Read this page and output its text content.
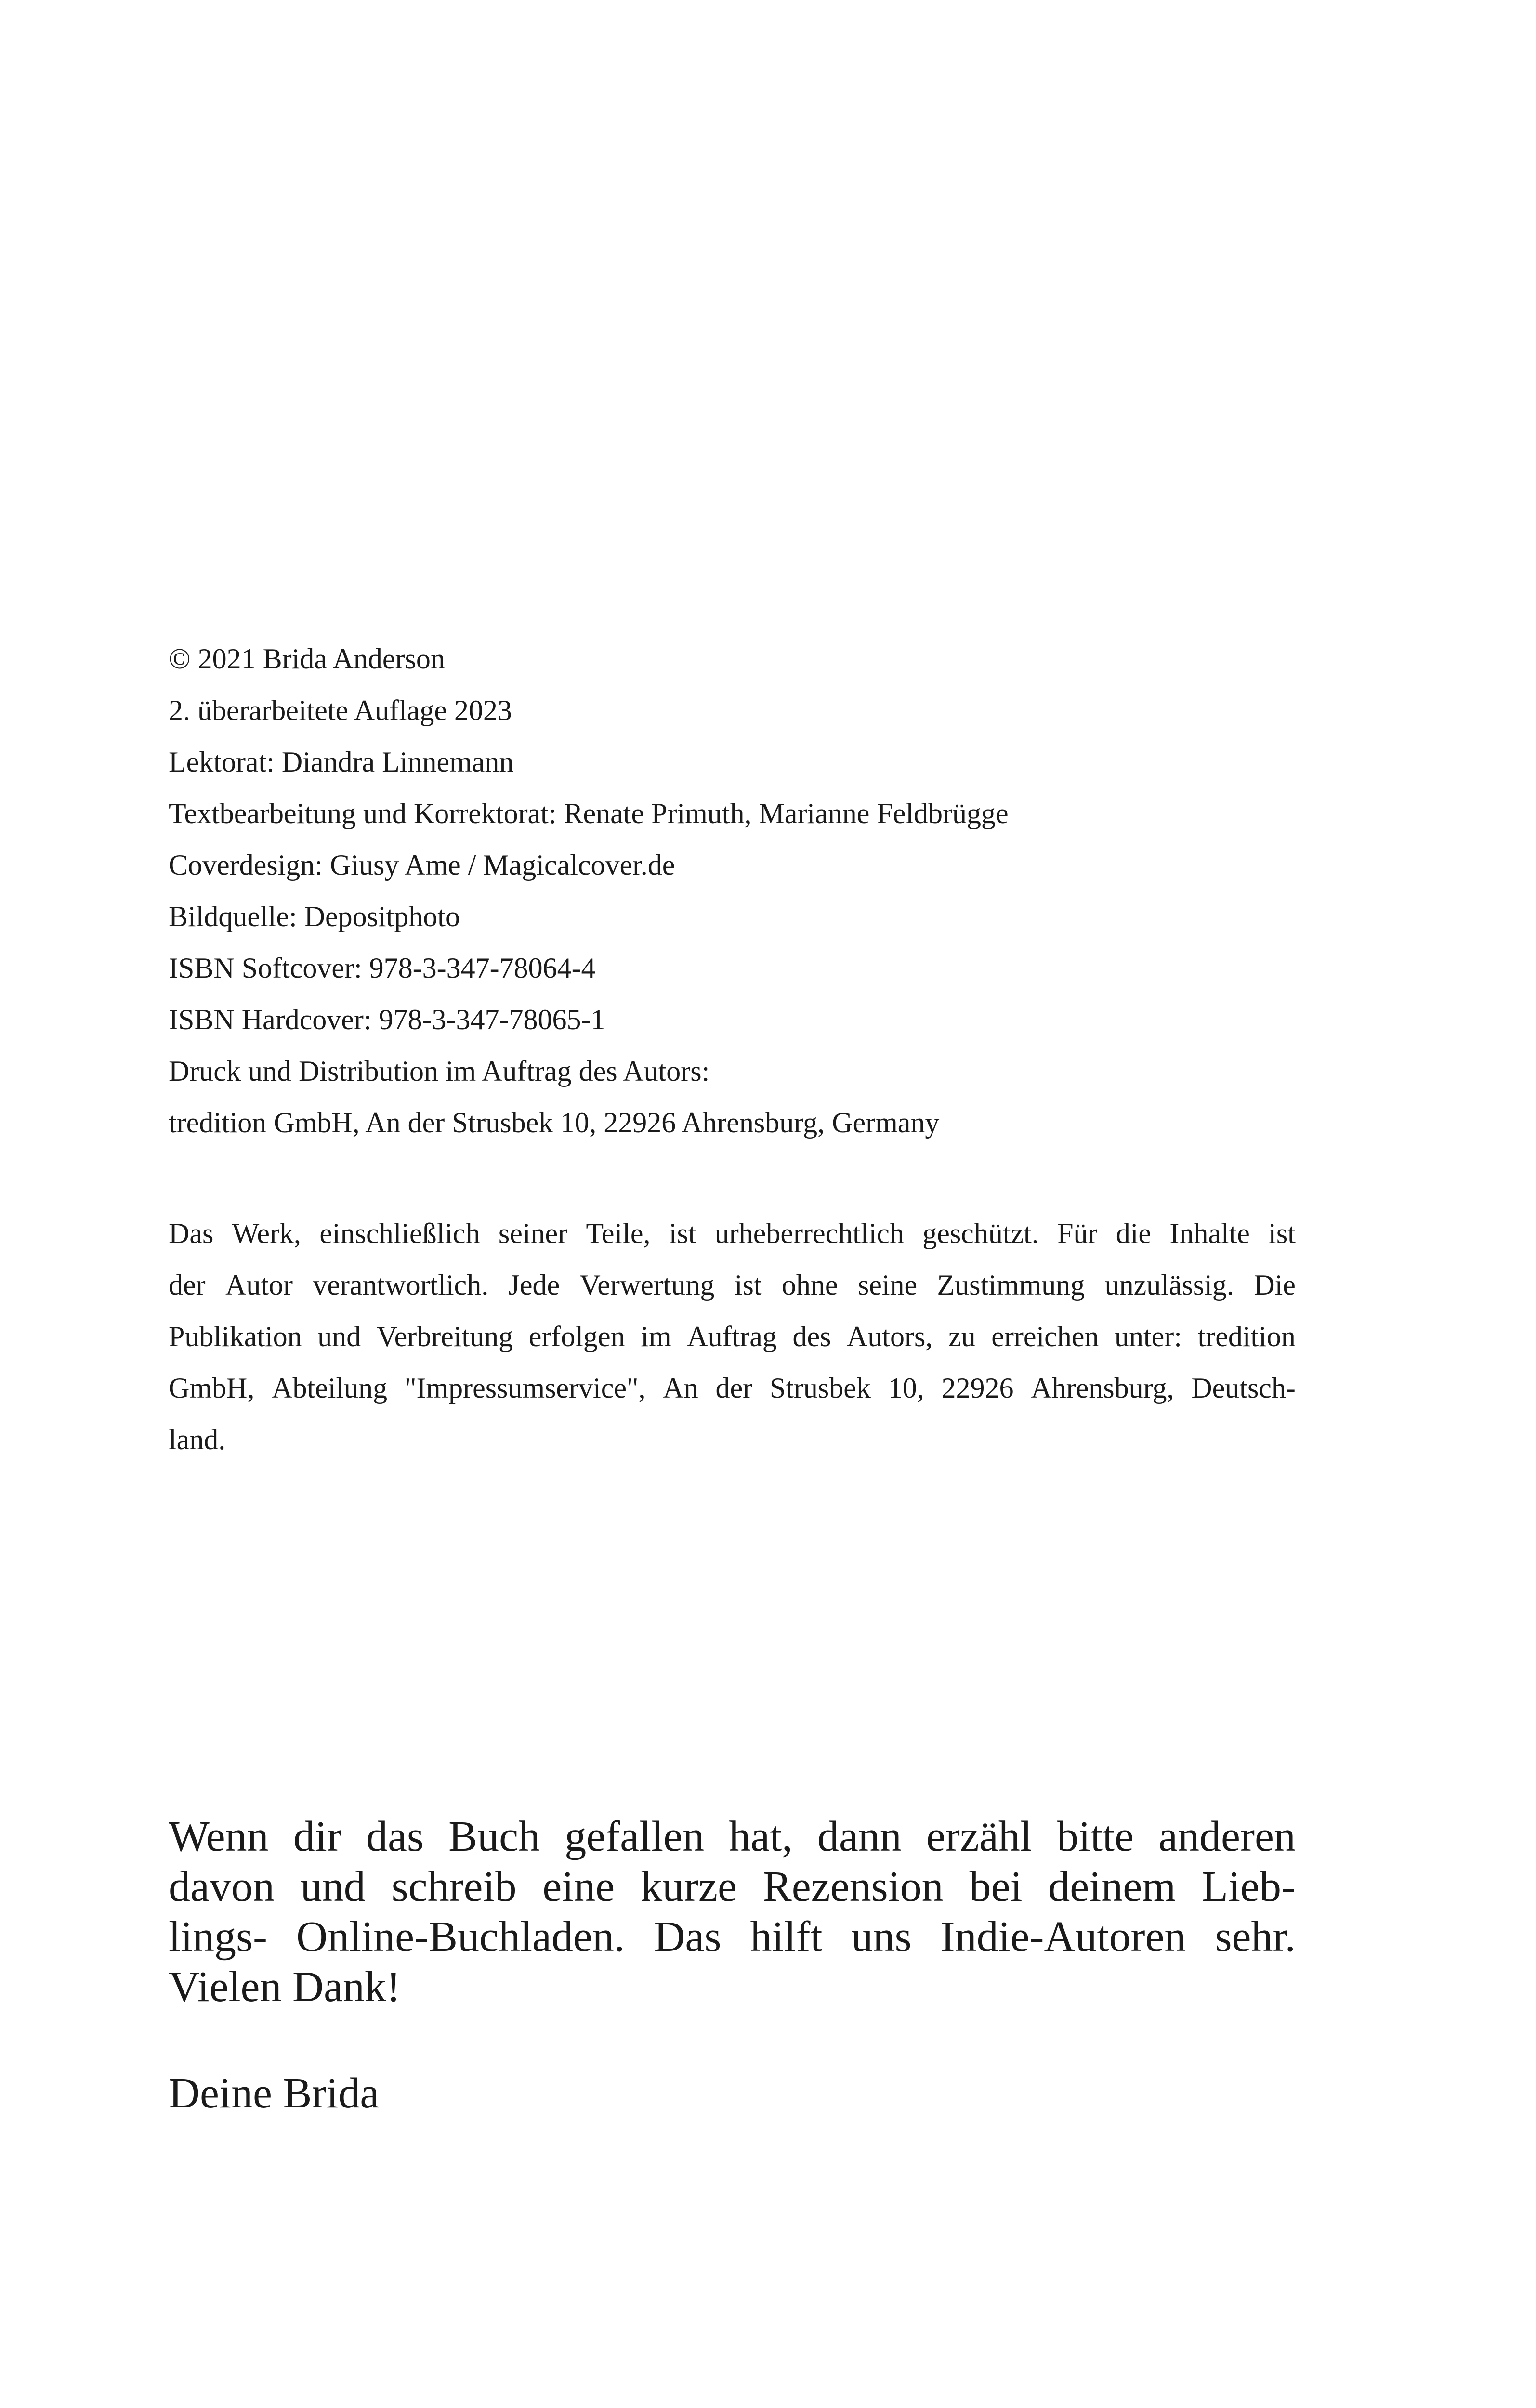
© 2021 Brida Anderson

2. überarbeitete Auflage 2023

Lektorat: Diandra Linnemann

Textbearbeitung und Korrektorat: Renate Primuth, Marianne Feldbrügge

Coverdesign: Giusy Ame / Magicalcover.de

Bildquelle: Depositphoto

ISBN Softcover: 978-3-347-78064-4

ISBN Hardcover: 978-3-347-78065-1

Druck und Distribution im Auftrag des Autors:

tredition GmbH, An der Strusbek 10, 22926 Ahrensburg, Germany

Das Werk, einschließlich seiner Teile, ist urheberrechtlich geschützt. Für die Inhalte ist

der Autor verantwortlich. Jede Verwertung ist ohne seine Zustimmung unzulässig. Die

Publikation und Verbreitung erfolgen im Auftrag des Autors, zu erreichen unter: tredition

GmbH, Abteilung "Impressumservice", An der Strusbek 10, 22926 Ahrensburg, Deutsch-

land.

Wenn dir das Buch gefallen hat, dann erzähl bitte anderen

davon und schreib eine kurze Rezension bei deinem Lieb-

lings- Online-Buchladen. Das hilft uns Indie-Autoren sehr.

Vielen Dank!

Deine Brida
